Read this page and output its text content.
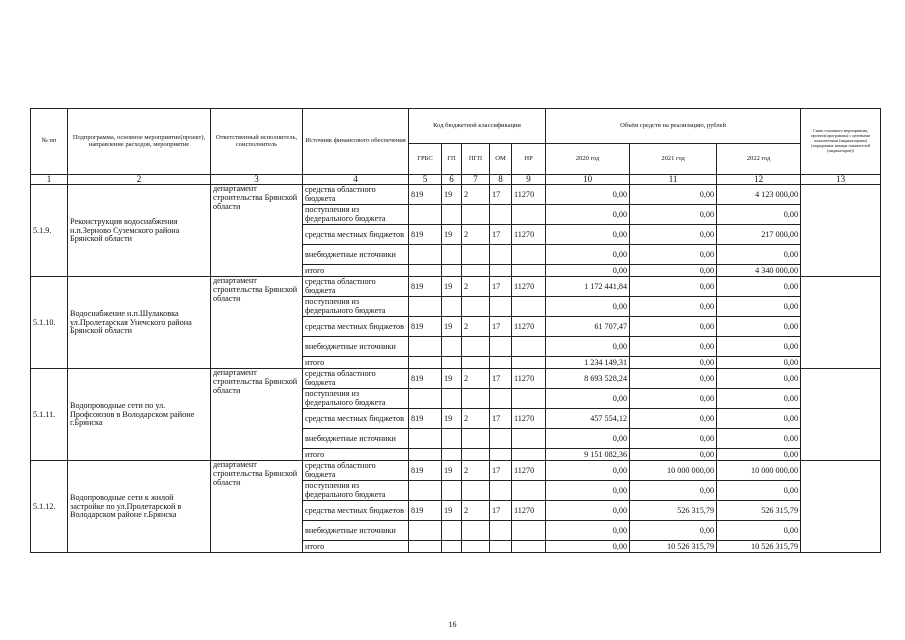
№ пп	Подпрограмма, основное мероприятие(проект), направление расходов, мероприятие	Ответственный исполнитель, соисполнитель	Источник финансового обеспечения	Код бюджетной классификации					Объём средств на реализацию, рублей			Связь основного мероприятия, проекта(программы) с целевыми показателями (индикаторами) (порядковые номера показателей (индикаторов))
				ГРБС	ГП	ПГП	ОМ	НР	2020 год	2021 год	2022 год	
1	2	3	4	5	6	7	8	9	10	11	12	13
5.1.9.	Реконструкция водоснабжения н.п.Зерново Суземского района Брянской области	департамент строительства Брянской области	средства областного бюджета	819	19	2	17	11270	0,00	0,00	4 123 000,00	
			поступления из федерального бюджета						0,00	0,00	0,00	
			средства местных бюджетов	819	19	2	17	11270	0,00	0,00	217 000,00	
			внебюджетные источники						0,00	0,00	0,00	
			итого						0,00	0,00	4 340 000,00	
5.1.10.	Водоснабжение н.п.Шулаковка ул.Пролетарская Унечского района Брянской области	департамент строительства Брянской области	средства областного бюджета	819	19	2	17	11270	1 172 441,84	0,00	0,00	
			поступления из федерального бюджета						0,00	0,00	0,00	
			средства местных бюджетов	819	19	2	17	11270	61 707,47	0,00	0,00	
			внебюджетные источники						0,00	0,00	0,00	
			итого						1 234 149,31	0,00	0,00	
5.1.11.	Водопроводные сети по ул. Профсоюзов в Володарском районе г.Брянска	департамент строительства Брянской области	средства областного бюджета	819	19	2	17	11270	8 693 528,24	0,00	0,00	
			поступления из федерального бюджета						0,00	0,00	0,00	
			средства местных бюджетов	819	19	2	17	11270	457 554,12	0,00	0,00	
			внебюджетные источники						0,00	0,00	0,00	
			итого						9 151 082,36	0,00	0,00	
5.1.12.	Водопроводные сети к жилой застройке по ул.Пролетарской в Володарском районе г.Брянска	департамент строительства Брянской области	средства областного бюджета	819	19	2	17	11270	0,00	10 000 000,00	10 000 000,00	
			поступления из федерального бюджета						0,00	0,00	0,00	
			средства местных бюджетов	819	19	2	17	11270	0,00	526 315,79	526 315,79	
			внебюджетные источники						0,00	0,00	0,00	
			итого						0,00	10 526 315,79	10 526 315,79	
16
